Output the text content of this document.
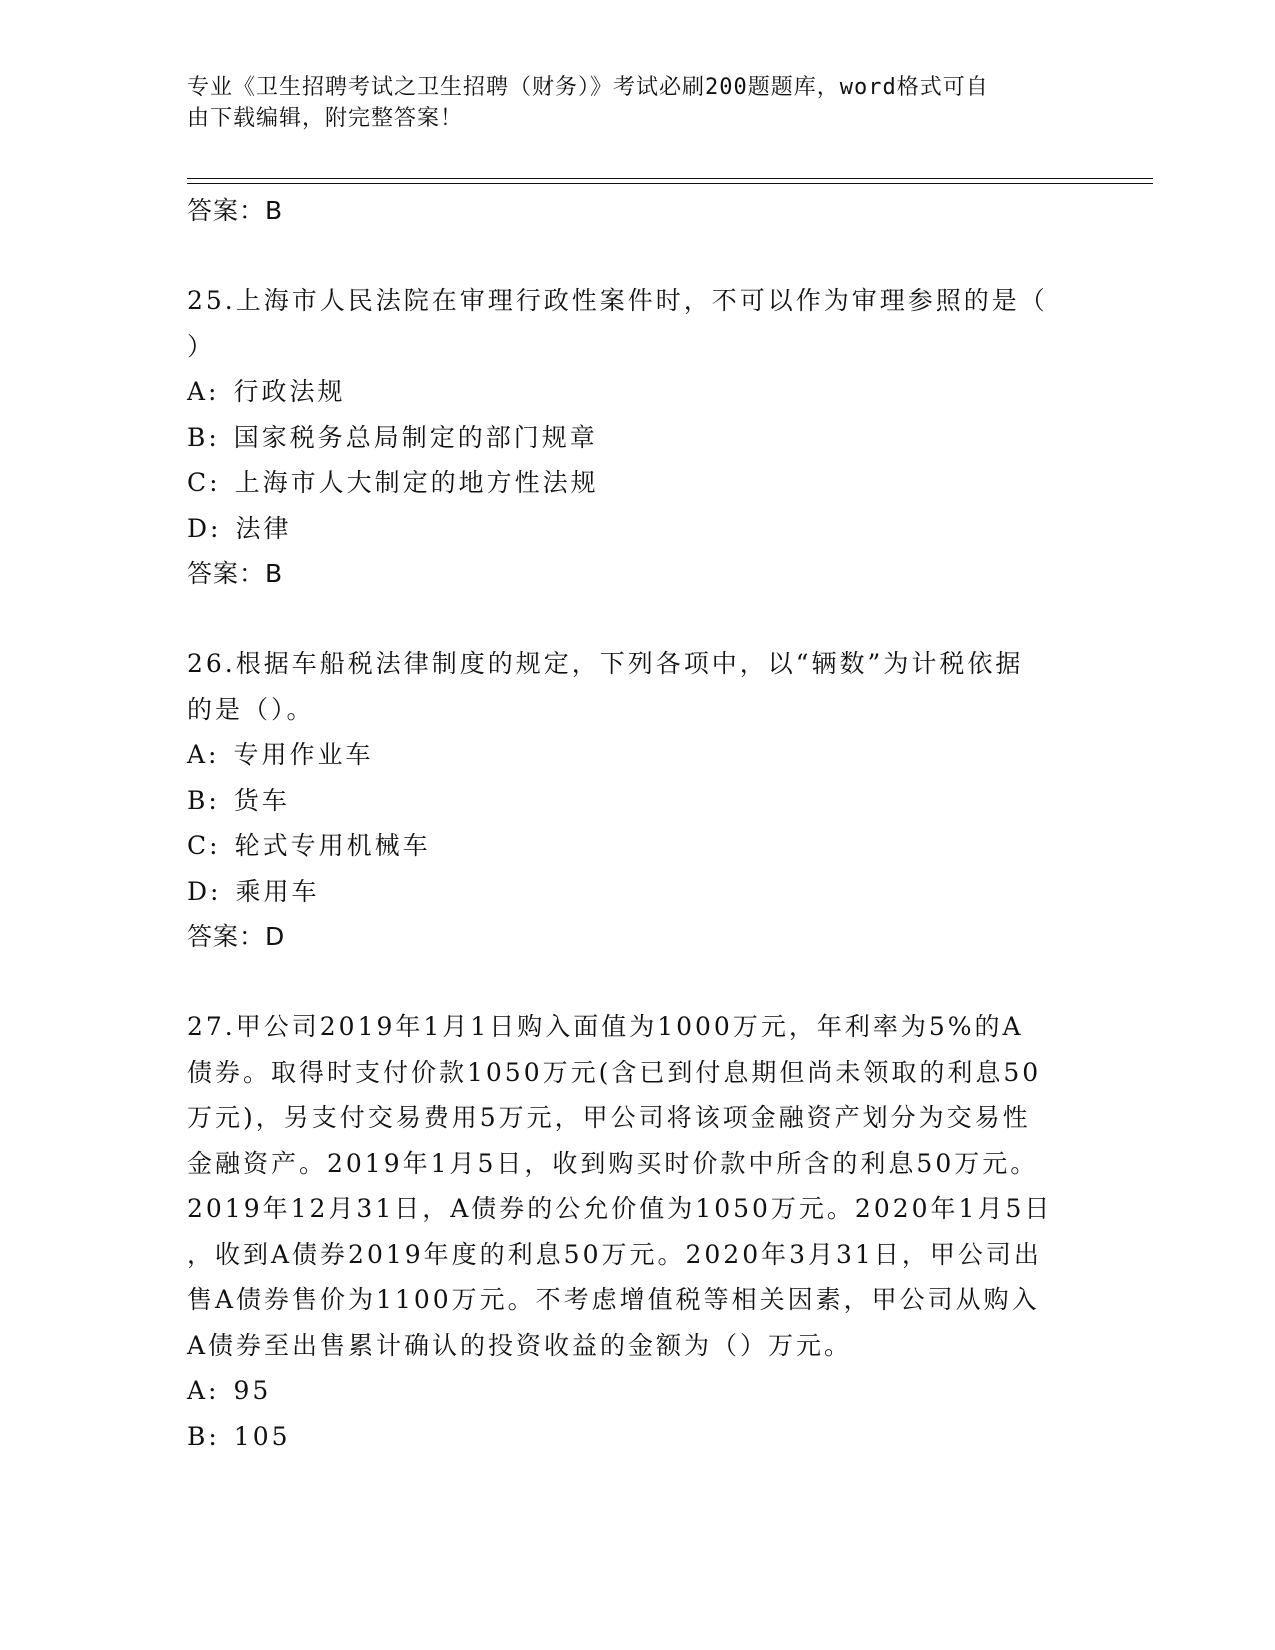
专业《卫生招聘考试之卫生招聘（财务）》考试必刷200题题库，word格式可自
由下载编辑，附完整答案！
答案：B
25.上海市人民法院在审理行政性案件时，不可以作为审理参照的是（
）
A: 行政法规
B: 国家税务总局制定的部门规章
C: 上海市人大制定的地方性法规
D: 法律
答案：B
26.根据车船税法律制度的规定，下列各项中，以“辆数”为计税依据
的是（）。
A: 专用作业车
B: 货车
C: 轮式专用机械车
D: 乘用车
答案：D
27.甲公司2019年1月1日购入面值为1000万元，年利率为5%的A
债券。取得时支付价款1050万元(含已到付息期但尚未领取的利息50
万元)，另支付交易费用5万元，甲公司将该项金融资产划分为交易性
金融资产。2019年1月5日，收到购买时价款中所含的利息50万元。
2019年12月31日，A债券的公允价值为1050万元。2020年1月5日
，收到A债券2019年度的利息50万元。2020年3月31日，甲公司出
售A债券售价为1100万元。不考虑增值税等相关因素，甲公司从购入
A债券至出售累计确认的投资收益的金额为（）万元。
A: 95
B: 105
